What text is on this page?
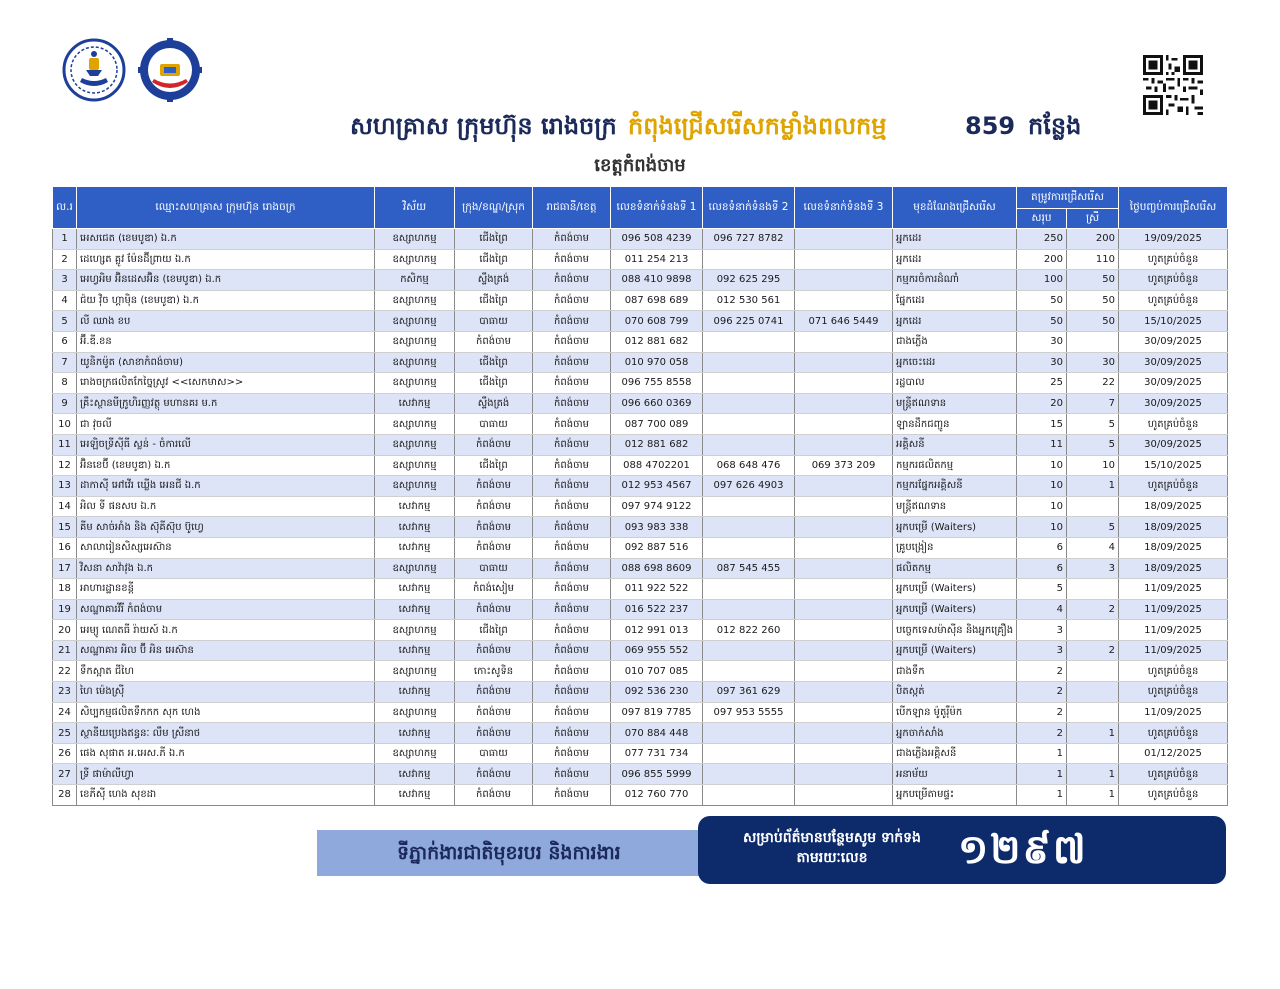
សហគ្រាស ក្រុមហ៊ុន រោងចក្រ កំពុងជ្រើសរើសកម្លាំងពលកម្ម	859 កន្លែង
ខេត្តកំពង់ចាម
ល.រ	ឈ្មោះសហគ្រាស ក្រុមហ៊ុន រោងចក្រ	វិស័យ	ក្រុង/ខណ្ឌ/ស្រុក	រាជធានី/ខេត្ត	លេខទំនាក់ទំនងទី 1	លេខទំនាក់ទំនងទី 2	លេខទំនាក់ទំនងទី 3	មុខដំណែងជ្រើសរើស	តម្រូវការជ្រើសរើស		ថ្ងៃបញ្ចប់ការជ្រើសរើស
									សរុប	ស្រី	
1	អេសជេត (ខេមបូឌា) ឯ.ក	ឧស្សាហកម្ម	ជើងព្រៃ	កំពង់ចាម	096 508 4239	096 727 8782		អ្នកដេរ	250	200	19/09/2025
2	ដេហ្សេត គ្លូវ ម៉ែនដ៊ីព្រាយ ឯ.ក	ឧស្សាហកម្ម	ជើងព្រៃ	កំពង់ចាម	011 254 213			អ្នកដេរ	200	110	ហូតគ្រប់ចំនួន
3	អេហ្វអិម អ៊ិនដេសអ៊ិន (ខេមបូឌា) ឯ.ក	កសិកម្ម	ស្ទឹងត្រង់	កំពង់ចាម	088 410 9898	092 625 295		កម្មករចំការដំណាំ	100	50	ហូតគ្រប់ចំនួន
4	ជ៉យ វ៉ិច ហ្គាម៉ិន (ខេមបូឌា) ឯ.ក	ឧស្សាហកម្ម	ជើងព្រៃ	កំពង់ចាម	087 698 689	012 530 561		ផ្នែកដេរ	50	50	ហូតគ្រប់ចំនួន
5	លី ឈាង ខប	ឧស្សាហកម្ម	បាធាយ	កំពង់ចាម	070 608 799	096 225 0741	071 646 5449	អ្នកដេរ	50	50	15/10/2025
6	អ៊ី.ឌី.ខន	ឧស្សាហកម្ម	កំពង់ចាម	កំពង់ចាម	012 881 682			ជាងភ្លើង	30		30/09/2025
7	យូនិកម៉ូត (សាខាកំពង់ចាម)	ឧស្សាហកម្ម	ជើងព្រៃ	កំពង់ចាម	010 970 058			អ្នកចេះដេរ	30	30	30/09/2025
8	រោងចក្រផលិតកែច្នៃស្រូវ <<សេកមាស>>	ឧស្សាហកម្ម	ជើងព្រៃ	កំពង់ចាម	096 755 8558			រដ្ឋបាល	25	22	30/09/2025
9	គ្រឹះស្ថានមីក្រូហិរញ្ញវត្ថុ មហានគរ ម.ក	សេវាកម្ម	ស្ទឹងត្រង់	កំពង់ចាម	096 660 0369			មន្ត្រីឥណទាន	20	7	30/09/2025
10	ជា វុចលី	ឧស្សាហកម្ម	បាធាយ	កំពង់ចាម	087 700 089			ឡានដឹកជញ្ជូន	15	5	ហូតគ្រប់ចំនួន
11	អេឡិចទ្រីស៊ីធី ស្លន់ - ចំការលើ	ឧស្សាហកម្ម	កំពង់ចាម	កំពង់ចាម	012 881 682			អគ្គិសនី	11	5	30/09/2025
12	អ៊ិនខេប៊ី (ខេមបូឌា) ឯ.ក	ឧស្សាហកម្ម	ជើងព្រៃ	កំពង់ចាម	088 4702201	068 648 476	069 373 209	កម្មករផលិតកម្ម	10	10	15/10/2025
13	ដាកាស៊ី អៅវើរ ឃ្លើង អេនជី ឯ.ក	ឧស្សាហកម្ម	កំពង់ចាម	កំពង់ចាម	012 953 4567	097 626 4903		កម្មករផ្នែកអគ្គិសនី	10	1	ហូតគ្រប់ចំនួន
14	អិល ទី ផនសប ឯ.ក	សេវាកម្ម	កំពង់ចាម	កំពង់ចាម	097 974 9122			មន្ត្រីឥណទាន	10		18/09/2025
15	គីម សាច់អាំង និង ស៊ុគីស៊ុប ប៊ូហ្វេ	សេវាកម្ម	កំពង់ចាម	កំពង់ចាម	093 983 338			អ្នកបម្រើ (Waiters)	10	5	18/09/2025
16	សាលារៀនសិស្សអេស៊ាន	សេវាកម្ម	កំពង់ចាម	កំពង់ចាម	092 887 516			គ្រូបង្រៀន	6	4	18/09/2025
17	វិសនា សាវ៉ាវុង ឯ.ក	ឧស្សាហកម្ម	បាធាយ	កំពង់ចាម	088 698 8609	087 545 455		ផលិតកម្ម	6	3	18/09/2025
18	អាហារដ្ឋានខន្តី	សេវាកម្ម	កំពង់សៀម	កំពង់ចាម	011 922 522			អ្នកបម្រើ (Waiters)	5		11/09/2025
19	សណ្ឋាគារវីរី កំពង់ចាម	សេវាកម្ម	កំពង់ចាម	កំពង់ចាម	016 522 237			អ្នកបម្រើ (Waiters)	4	2	11/09/2025
20	អេម្យូ ណេតធី រ៉ាយស៍ ឯ.ក	ឧស្សាហកម្ម	ជើងព្រៃ	កំពង់ចាម	012 991 013	012 822 260		បច្ចេកទេសម៉ាស៊ីន និងអ្នកគ្រឿង	3		11/09/2025
21	សណ្ឋាគារ អិល ប៊ី អិន អេស៊ាន	សេវាកម្ម	កំពង់ចាម	កំពង់ចាម	069 955 552			អ្នកបម្រើ (Waiters)	3	2	11/09/2025
22	ទឹកស្អាត ជីហៃ	ឧស្សាហកម្ម	កោះសូទិន	កំពង់ចាម	010 707 085			ជាងទឹក	2		ហូតគ្រប់ចំនួន
23	ហៃ ម៉េងស្រ៊ី	សេវាកម្ម	កំពង់ចាម	កំពង់ចាម	092 536 230	097 361 629		បិតស្កត់	2		ហូតគ្រប់ចំនួន
24	សិប្បកម្មផលិតទឹកកក សុក ហេង	ឧស្សាហកម្ម	កំពង់ចាម	កំពង់ចាម	097 819 7785	097 953 5555		បើកឡាន ម៉ូតូរ៉ឺម៉ក	2		11/09/2025
25	ស្ថានីយប្រេងឥន្ធនៈ លឹម ស្រីនាថ	សេវាកម្ម	កំពង់ចាម	កំពង់ចាម	070 884 448			អ្នកចាក់សាំង	2	1	ហូតគ្រប់ចំនួន
26	ផេង សុផាត អ.អេស.ភី ឯ.ក	ឧស្សាហកម្ម	បាធាយ	កំពង់ចាម	077 731 734			ជាងភ្លើងអគ្គិសនី	1		01/12/2025
27	ទ្រី ផាម៉ាលីហ្វា	សេវាកម្ម	កំពង់ចាម	កំពង់ចាម	096 855 5999			អនាម័យ	1	1	ហូតគ្រប់ចំនួន
28	ខេភីស៊ី ហេង សុខដា	សេវាកម្ម	កំពង់ចាម	កំពង់ចាម	012 760 770			អ្នកបម្រើតាមផ្ទះ	1	1	ហូតគ្រប់ចំនួន
ទីភ្នាក់ងារជាតិមុខរបរ និងការងារ
សម្រាប់ព័ត៌មានបន្ថែមសូម ទាក់ទងតាមរយៈលេខ	១២៩៧
